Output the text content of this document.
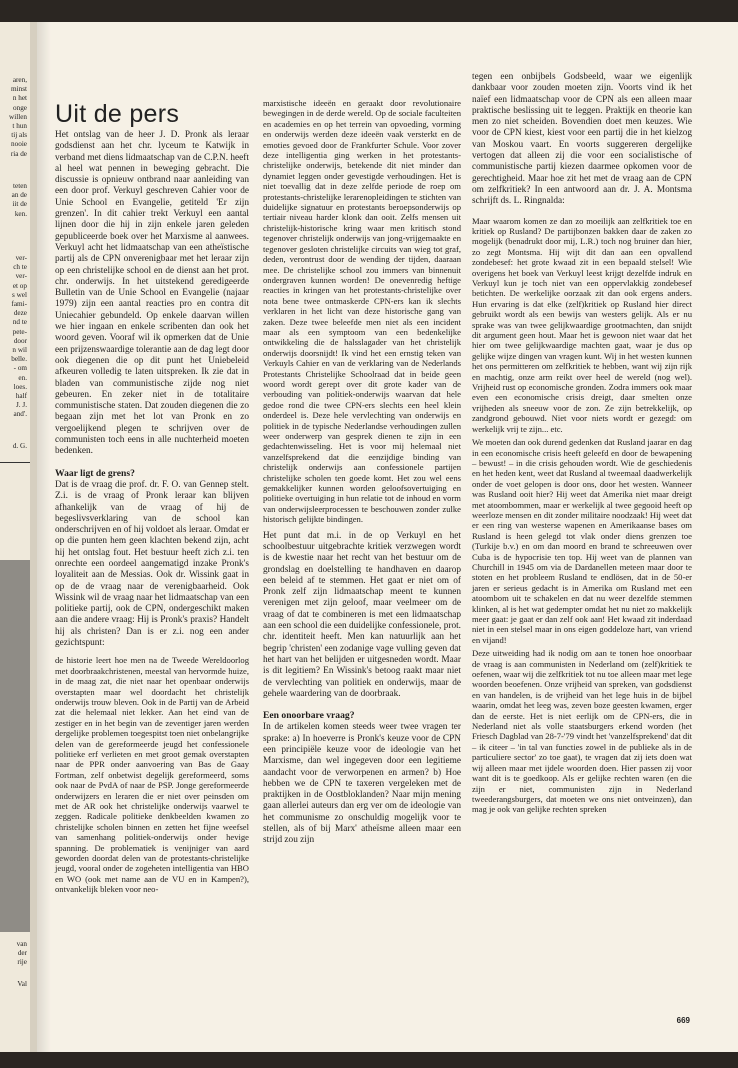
aren,
minst
n het
onge
willen
t hun
tij als
nooie
ria de
teten
an de
iit de
ken.
ver-
ch te
ver-
et op
s wel
fami-
deze
nd te
pete-
door
n wil
belle.
- om
en.
loes.
half
J. J.
and'.
d. G.
van
der
rije
Val
Uit de pers

Het ontslag van de heer J. D. Pronk als leraar godsdienst aan het chr. lyceum te Katwijk in verband met diens lidmaatschap van de C.P.N. heeft al heel wat pennen in beweging gebracht. Die discussie is opnieuw ontbrand naar aanleiding van een door prof. Verkuyl geschreven Cahier voor de Unie School en Evangelie, getiteld 'Er zijn grenzen'. In dit cahier trekt Verkuyl een aantal lijnen door die hij in zijn enkele jaren geleden gepubliceerde boek over het Marxisme al aanwees. Verkuyl acht het lidmaatschap van een atheïstische partij als de CPN onverenigbaar met het leraar zijn op een christelijke school en de dienst aan het prot. chr. onderwijs. In het uitstekend geredigeerde Bulletin van de Unie School en Evangelie (najaar 1979) zijn een aantal reacties pro en contra dit Uniecahier gebundeld. Op enkele daarvan willen we hier ingaan en enkele scribenten dan ook het woord geven. Vooraf wil ik opmerken dat de Unie een prijzenswaardige tolerantie aan de dag legt door ook diegenen die op dit punt het Uniebeleid afkeuren volledig te laten uitspreken. Ik zie dat in bladen van communistische zijde nog niet gebeuren. En zeker niet in de totalitaire communistische staten. Dat zouden diegenen die zo begaan zijn met het lot van Pronk en zo vergoelijkend plegen te schrijven over de communisten toch eens in alle nuchterheid moeten bedenken.

Waar ligt de grens?

Dat is de vraag die prof. dr. F. O. van Gennep stelt. Z.i. is de vraag of Pronk leraar kan blijven afhankelijk van de vraag of hij de begeslivsverklaring van de school kan onderschrijven en of hij voldoet als leraar. Omdat er op die punten hem geen klachten bekend zijn, acht hij het ontslag fout. Het bestuur heeft zich z.i. ten onrechte een oordeel aangematigd inzake Pronk's loyaliteit aan de Messias. Ook dr. Wissink gaat in op de de vraag naar de verenigbaarheid. Ook Wissink wil de vraag naar het lidmaatschap van een politieke partij, ook de CPN, ondergeschikt maken aan die andere vraag: Hij is Pronk's praxis? Handelt hij als christen? Dan is er z.i. nog een ander gezichtspunt:

de historie leert hoe men na de Tweede Wereldoorlog met doorbraakchristenen, meestal van hervormde huize, in de maag zat, die niet naar het openbaar onderwijs overstapten maar wel doordacht het christelijk onderwijs trouw bleven. Ook in de Partij van de Arbeid zat die helemaal niet lekker. Aan het eind van de zestiger en in het begin van de zeventiger jaren werden dergelijke problemen toegespitst toen niet onbelangrijke delen van de gereformeerde jeugd het confessionele politieke erf verlieten en met groot gemak overstapten naar de PPR onder aanvoering van Bas de Gaay Fortman, zelf onbetwist degelijk gereformeerd, soms ook naar de PvdA of naar de PSP. Jonge gereformeerde onderwijzers en leraren die er niet over peinsden om met de AR ook het christelijke onderwijs vaarwel te zeggen. Radicale politieke denkbeelden kwamen zo christelijke scholen binnen en zetten het fijne weefsel van samenhang politiek-onderwijs onder hevige spanning. De problematiek is venijniger van aard geworden doordat delen van de protestants-christelijke jeugd, vooral onder de zogeheten intelligentia van HBO en WO (ook met name aan de VU en in Kampen?), ontvankelijk bleken voor neo-

marxistische ideeën en geraakt door revolutionaire bewegingen in de derde wereld. Op de sociale faculteiten en academies en op het terrein van opvoeding, vorming en onderwijs werden deze ideeën vaak versterkt en de emoties gevoed door de Frankfurter Schule. Voor zover deze intelligentia ging werken in het protestants-christelijke onderwijs, betekende dit niet minder dan dynamiet leggen onder gevestigde verhoudingen. Het is niet toevallig dat in deze zelfde periode de roep om protestants-christelijke lerarenopleidingen te stichten van duidelijke signatuur en protestants beroepsonderwijs op tertiair niveau harder klonk dan ooit. Zelfs mensen uit christelijk-historische kring waar men kritisch stond tegenover christelijk onderwijs van jong-vrijgemaakte en tegenover gesloten christelijke circuits van wieg tot graf, deden, verontrust door de wending der tijden, daaraan mee. De christelijke school zou immers van binnenuit ondergraven kunnen worden! De onevenredig heftige reacties in kringen van het protestants-christelijke over nota bene twee ontmaskerde CPN-ers kan ik slechts verklaren in het licht van deze historische gang van zaken. Deze twee beleefde men niet als een incident maar als een symptoom van een bedenkelijke ontwikkeling die de halsslagader van het christelijk onderwijs doorsnijdt! Ik vind het een ernstig teken van Verkuyls Cahier en van de verklaring van de Nederlands Protestants Christelijke Schoolraad dat in beide geen woord wordt gerept over dit grote kader van de verbouding van politiek-onderwijs waarvan dat hele gedoe rond die twee CPN-ers slechts een heel klein onderdeel is. Deze hele vervlechting van onderwijs en politiek in de typische Nederlandse verhoudingen zullen weer onderwerp van gesprek dienen te zijn in een gedachtenwisseling. Het is voor mij helemaal niet vanzelfsprekend dat die eenzijdige binding van christelijk onderwijs aan confessionele partijen christelijke scholen ten goede komt. Het zou wel eens gemakkelijker kunnen worden geloofsovertuiging en politieke overtuiging in hun relatie tot de inhoud en vorm van onderwijsleerprocessen te beschouwen zonder zulke historisch gelijkte bindingen.

Het punt dat m.i. in de op Verkuyl en het schoolbestuur uitgebrachte kritiek verzwegen wordt is de kwestie naar het recht van het bestuur om de grondslag en doelstelling te handhaven en daarop een beleid af te stemmen. Het gaat er niet om of Pronk zelf zijn lidmaatschap meent te kunnen verenigen met zijn geloof, maar veelmeer om de vraag of dat te combineren is met een lidmaatschap aan een school die een duidelijke confessionele, prot. chr. identiteit heeft. Men kan natuurlijk aan het begrip 'christen' een zodanige vage vulling geven dat het hart van het belijden er uitgesneden wordt. Maar is dit legitiem? En Wissink's betoog raakt maar niet de vervlechting van politiek en onderwijs, maar de gehele waardering van de doorbraak.

Een onoorbare vraag?

In de artikelen komen steeds weer twee vragen ter sprake: a) In hoeverre is Pronk's keuze voor de CPN een principiële keuze voor de ideologie van het Marxisme, dan wel ingegeven door een legitieme aandacht voor de verworpenen en armen? b) Hoe hebben we de CPN te taxeren vergeleken met de praktijken in de Oostbloklanden? Naar mijn mening gaan allerlei auteurs dan erg ver om de ideologie van het communisme zo onschuldig mogelijk voor te stellen, als of bij Marx' atheïsme alleen maar een strijd zou zijn

tegen een onbijbels Godsbeeld, waar we eigenlijk dankbaar voor zouden moeten zijn. Voorts vind ik het naïef een lidmaatschap voor de CPN als een alleen maar praktische beslissing uit te leggen. Praktijk en theorie kan men zo niet scheiden. Bovendien doet men keuzes. Wie voor de CPN kiest, kiest voor een partij die in het kielzog van Moskou vaart. En voorts suggereren dergelijke vertogen dat alleen zij die voor een socialistische of communistische partij kiezen daarmee opkomen voor de gerechtigheid. Maar hoe zit het met de vraag aan de CPN om zelfkritiek? In een antwoord aan dr. J. A. Montsma schrijft ds. L. Ringnalda:

Maar waarom komen ze dan zo moeilijk aan zelfkritiek toe en kritiek op Rusland? De partijbonzen bakken daar de zaken zo mogelijk (benadrukt door mij, L.R.) toch nog bruiner dan hier, zo zegt Montsma. Hij wijt dit dan aan een opvallend zondebesef: het grote kwaad zit in een bepaald stelsel! Wie overigens het boek van Verkuyl leest krijgt dezelfde indruk en Verkuyl kun je toch niet van een oppervlakkig zondebesef betichten. De werkelijke oorzaak zit dan ook ergens anders. Hun ervaring is dat elke (zelf)kritiek op Rusland hier direct gebruikt wordt als een bewijs van westers gelijk. Als er nu sprake was van twee gelijkwaardige grootmachten, dan snijdt dit argument geen hout. Maar het is gewoon niet waar dat het hier om twee gelijkwaardige machten gaat, waar je dus op gelijke wijze dingen van vragen kunt. Wij in het westen kunnen het ons permitteren om zelfkritiek te hebben, want wij zijn rijk en machtig, onze arm reikt over heel de wereld (nog wel). Vrijheid rust op economische gronden. Zodra immers ook maar even een economische crisis dreigt, daar smelten onze vrijheden als sneeuw voor de zon. Ze zijn betrekkelijk, op zandgrond gebouwd. Niet voor niets wordt er gezegd: om werkelijk vrij te zijn... etc.

We moeten dan ook durend gedenken dat Rusland jaarar en dag in een economische crisis heeft geleefd en door de bewapening – bewust! – in die crisis gehouden wordt. Wie de geschiedenis en het heden kent, weet dat Rusland al tweemaal daadwerkelijk onder de voet gelopen is door ons, door het westen. Wanneer was Rusland ooit hier? Hij weet dat Amerika niet maar dreigt met atoombommen, maar er werkelijk al twee gegooid heeft op weerloze mensen en dit zonder militaire noodzaak! Hij weet dat er een ring van westerse wapenen en Amerikaanse bases om Rusland is heen gelegd tot vlak onder diens grenzen toe (Turkije b.v.) en om dan moord en brand te schreeuwen over Cuba is de hypocrisie ten top. Hij weet van de plannen van Churchill in 1945 om via de Dardanellen meteen maar door te stoten en het probleem Rusland te endlösen, dat in de 50-er jaren er serieus gedacht is in Amerika om Rusland met een atoombom uit te schakelen en dat nu weer dezelfde stemmen klinken, al is het wat gedempter omdat het nu niet zo makkelijk meer gaat: je gaat er dan zelf ook aan! Het kwaad zit inderdaad niet in een stelsel maar in ons eigen goddeloze hart, van vriend en vijand!

Deze uitweiding had ik nodig om aan te tonen hoe onoorbaar de vraag is aan communisten in Nederland om (zelf)kritiek te oefenen, waar wij die zelfkritiek tot nu toe alleen maar met lege woorden beoefenen. Onze vrijheid van spreken, van godsdienst en van handelen, is de vrijheid van het lege huis in de bijbel waarin, omdat het leeg was, zeven boze geesten kwamen, erger dan de eerste. Het is niet eerlijk om de CPN-ers, die in Nederland niet als volle staatsburgers erkend worden (het Friesch Dagblad van 28-7-'79 vindt het 'vanzelfsprekend' dat dit – ik citeer – 'in tal van functies zowel in de publieke als in de particuliere sector' zo toe gaat), te vragen dat zij iets doen wat wij alleen maar met ijdele woorden doen. Hier passen zij voor want dit is te goedkoop. Als er gelijke rechten waren (en die zijn er niet, communisten zijn in Nederland tweederangsburgers, dat moeten we ons niet ontveinzen), dan mag je ook van gelijke rechten spreken

669
